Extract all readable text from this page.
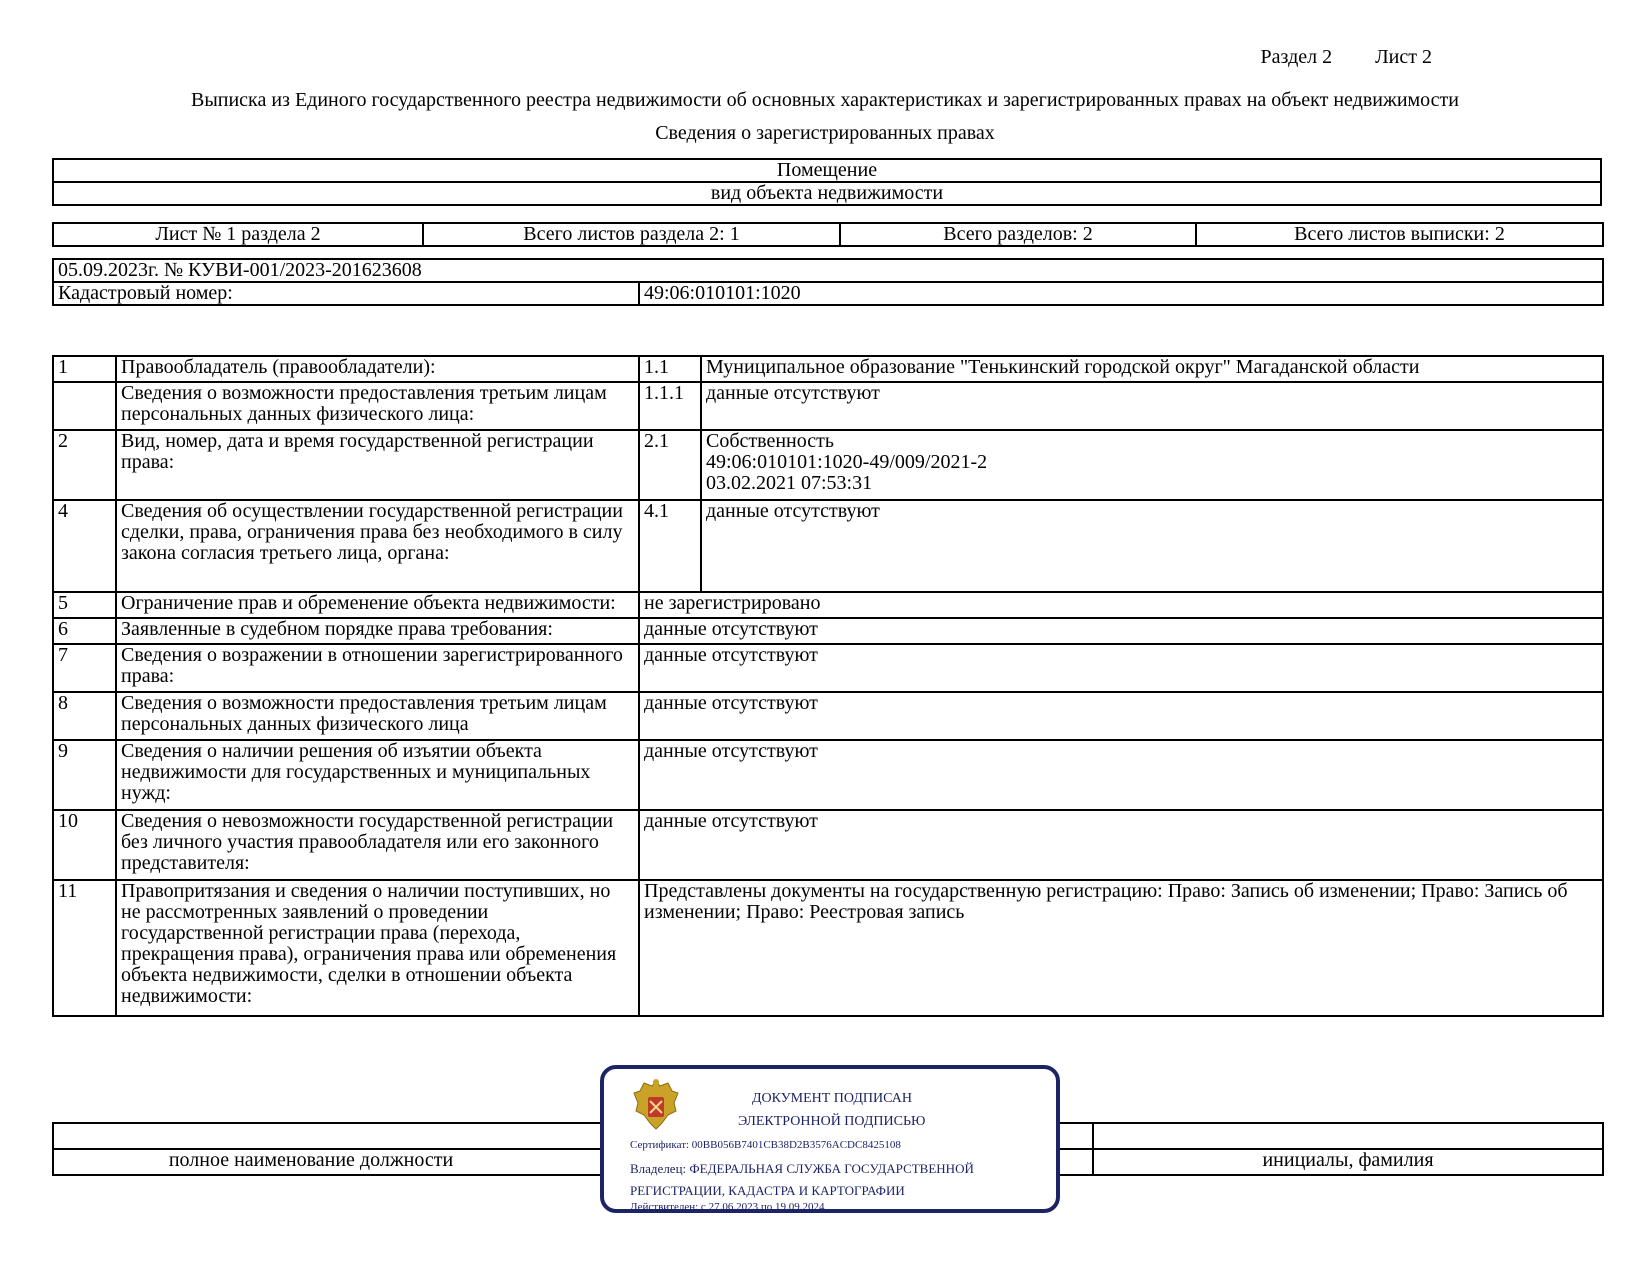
Раздел 2 Лист 2
Выписка из Единого государственного реестра недвижимости об основных характеристиках и зарегистрированных правах на объект недвижимости
Сведения о зарегистрированных правах
Помещение
вид объекта недвижимости
Лист № 1 раздела 2	Всего листов раздела 2: 1	Всего разделов: 2	Всего листов выписки: 2
05.09.2023г. № КУВИ-001/2023-201623608
Кадастровый номер:	49:06:010101:1020
1	Правообладатель (правообладатели):	1.1	Муниципальное образование "Тенькинский городской округ" Магаданской области
	Сведения о возможности предоставления третьим лицам персональных данных физического лица:	1.1.1	данные отсутствуют
2	Вид, номер, дата и время государственной регистрации права:	2.1	Собственность
49:06:010101:1020-49/009/2021-2
03.02.2021 07:53:31

4	Сведения об осуществлении государственной регистрации сделки, права, ограничения права без необходимого в силу закона согласия третьего лица, органа:	4.1	данные отсутствуют
5	Ограничение прав и обременение объекта недвижимости:	не зарегистрировано	
6	Заявленные в судебном порядке права требования:	данные отсутствуют	
7	Сведения о возражении в отношении зарегистрированного права:	данные отсутствуют	
8	Сведения о возможности предоставления третьим лицам персональных данных физического лица	данные отсутствуют	
9	Сведения о наличии решения об изъятии объекта недвижимости для государственных и муниципальных нужд:	данные отсутствуют	
10	Сведения о невозможности государственной регистрации без личного участия правообладателя или его законного представителя:	данные отсутствуют	
11	Правопритязания и сведения о наличии поступивших, но не рассмотренных заявлений о проведении государственной регистрации права (перехода, прекращения права), ограничения права или обременения объекта недвижимости, сделки в отношении объекта недвижимости:	Представлены документы на государственную регистрацию: Право: Запись об изменении; Право: Запись об изменении; Право: Реестровая запись	

полное наименование должности	инициалы, фамилия
ДОКУМЕНТ ПОДПИСАН
ЭЛЕКТРОННОЙ ПОДПИСЬЮ
Сертификат: 00BB056B7401CB38D2B3576ACDC8425108
Владелец: ФЕДЕРАЛЬНАЯ СЛУЖБА ГОСУДАРСТВЕННОЙ
РЕГИСТРАЦИИ, КАДАСТРА И КАРТОГРАФИИ
Действителен: с 27.06.2023 по 19.09.2024
